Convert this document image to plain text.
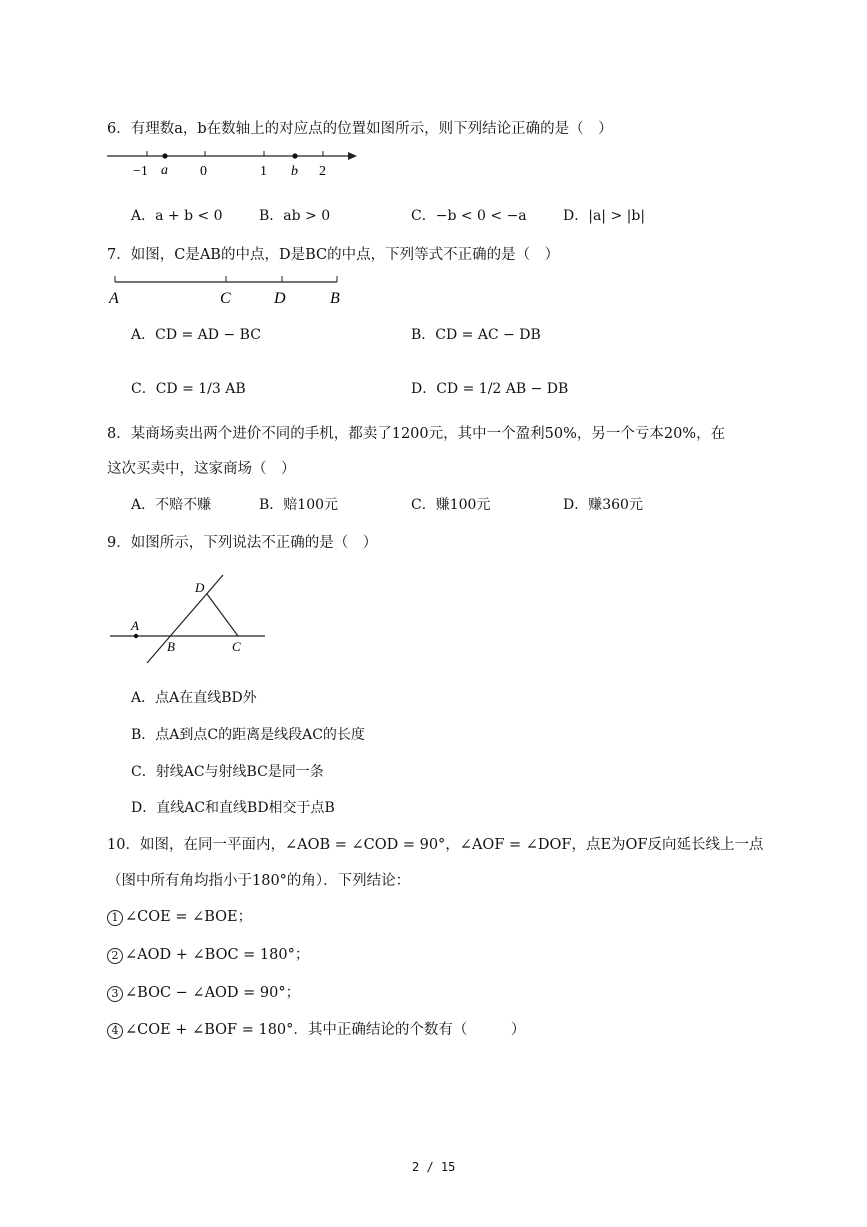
6．有理数a，b在数轴上的对应点的位置如图所示，则下列结论正确的是（　）
−1 a 0	1 b 2
A．a + b < 0	B．ab > 0	C．−b < 0 < −a	D．|a| > |b|
7．如图，C是AB的中点，D是BC的中点，下列等式不正确的是（　）
A	C	D	B
A．CD = AD − BC	B．CD = AC − DB
C．CD = 1/3 AB	D．CD = 1/2 AB − DB
8．某商场卖出两个进价不同的手机，都卖了1200元，其中一个盈利50%，另一个亏本20%，在
这次买卖中，这家商场（　）
A．不赔不赚	B．赔100元	C．赚100元	D．赚360元
9．如图所示，下列说法不正确的是（　）
D
A
B	C
A．点A在直线BD外
B．点A到点C的距离是线段AC的长度
C．射线AC与射线BC是同一条
D．直线AC和直线BD相交于点B
10．如图，在同一平面内，∠AOB = ∠COD = 90°，∠AOF = ∠DOF，点E为OF反向延长线上一点
（图中所有角均指小于180°的角）．下列结论：
1 ∠COE = ∠BOE；
2 ∠AOD + ∠BOC = 180°；
3 ∠BOC − ∠AOD = 90°；
4 ∠COE + ∠BOF = 180°．其中正确结论的个数有（　　　）
2 / 15
